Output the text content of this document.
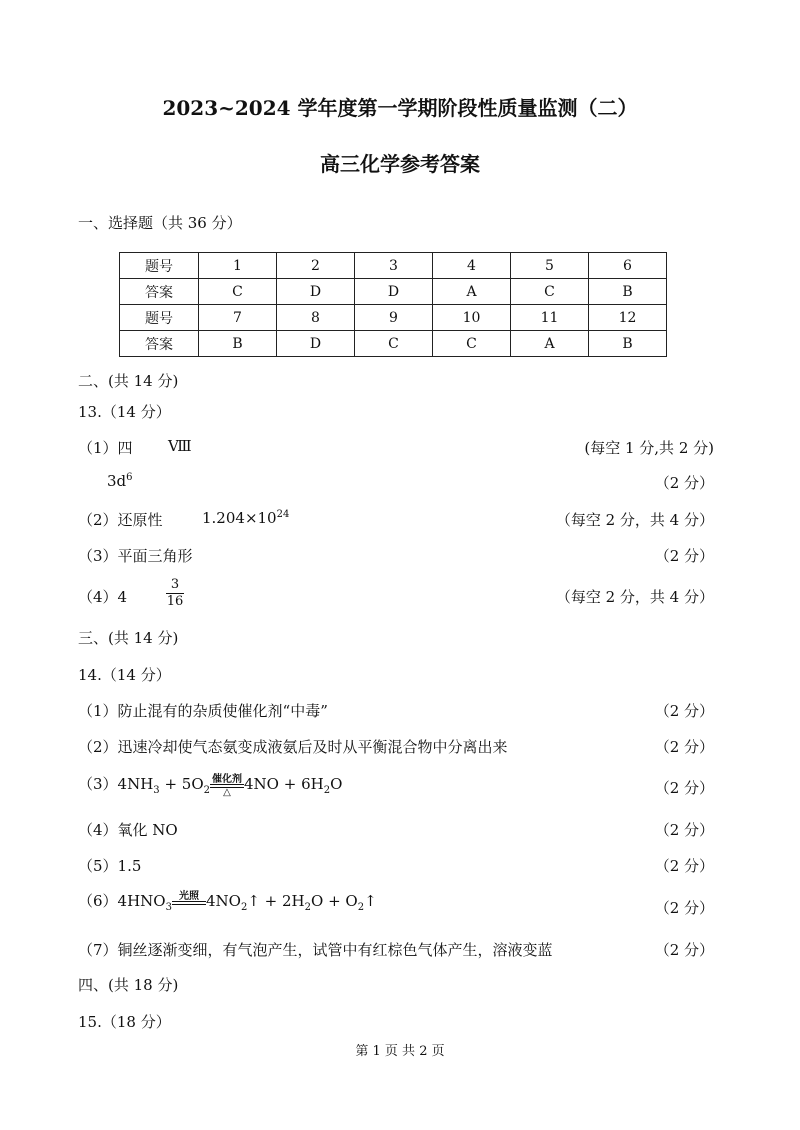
2023~2024 学年度第一学期阶段性质量监测（二）
高三化学参考答案
一、选择题（共 36 分）
题号	1	2	3	4	5	6
答案	C	D	D	A	C	B
题号	7	8	9	10	11	12
答案	B	D	C	C	A	B
二、(共 14 分)
13.（14 分）
（1）四 Ⅷ	(每空 1 分,共 2 分)
$3d^6$	（2 分）
（2）还原性	$1.204\times 10^{24}$	（每空 2 分，共 4 分）
（3）平面三角形	（2 分）
（4）4
3
16	（每空 2 分，共 4 分）
三、(共 14 分)
14.（14 分）
（1）防止混有的杂质使催化剂“中毒”	（2 分）
（2）迅速冷却使气态氨变成液氨后及时从平衡混合物中分离出来	（2 分）
$(3)4NH_3 + 5O_2$
催化剂
△ $4NO + 6H_2O$	（2 分）
（4）氧化 NO	（2 分）
（5）1.5	（2 分）
$(6)4HNO_3$
光照 $4NO_2↑ + 2H_2O$ + $O_2↑$	（2 分）
（7）铜丝逐渐变细，有气泡产生，试管中有红棕色气体产生，溶液变蓝	（2 分）
四、(共 18 分)
15.（18 分）
第 1 页 共 2 页
